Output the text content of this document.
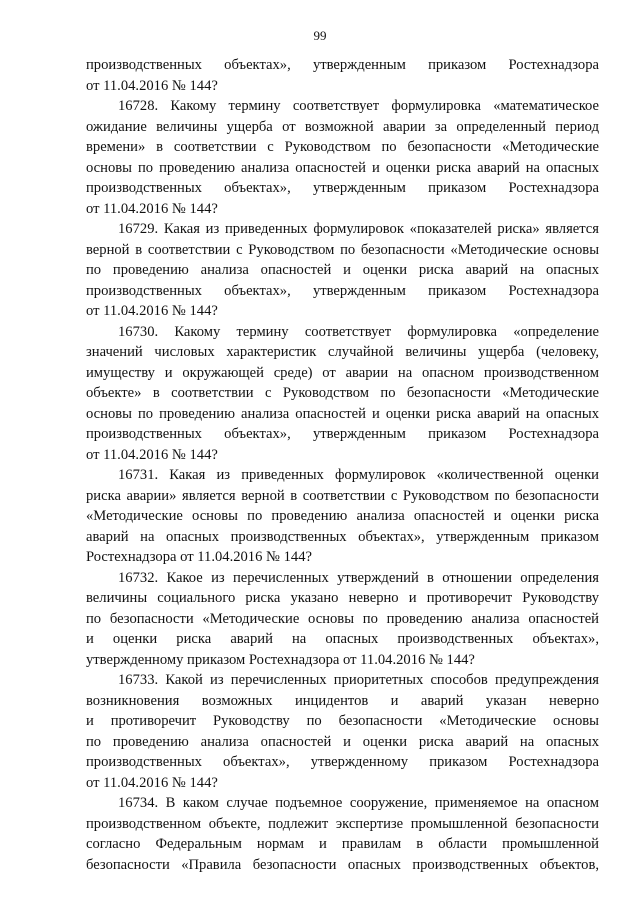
99
производственных объектах», утвержденным приказом Ростехнадзора
от 11.04.2016 № 144?
16728. Какому термину соответствует формулировка «математическое
ожидание величины ущерба от возможной аварии за определенный период
времени» в соответствии с Руководством по безопасности «Методические
основы по проведению анализа опасностей и оценки риска аварий на опасных
производственных объектах», утвержденным приказом Ростехнадзора
от 11.04.2016 № 144?
16729. Какая из приведенных формулировок «показателей риска» является
верной в соответствии с Руководством по безопасности «Методические основы
по проведению анализа опасностей и оценки риска аварий на опасных
производственных объектах», утвержденным приказом Ростехнадзора
от 11.04.2016 № 144?
16730. Какому термину соответствует формулировка «определение
значений числовых характеристик случайной величины ущерба (человеку,
имуществу и окружающей среде) от аварии на опасном производственном
объекте» в соответствии с Руководством по безопасности «Методические
основы по проведению анализа опасностей и оценки риска аварий на опасных
производственных объектах», утвержденным приказом Ростехнадзора
от 11.04.2016 № 144?
16731. Какая из приведенных формулировок «количественной оценки
риска аварии» является верной в соответствии с Руководством по безопасности
«Методические основы по проведению анализа опасностей и оценки риска
аварий на опасных производственных объектах», утвержденным приказом
Ростехнадзора от 11.04.2016 № 144?
16732. Какое из перечисленных утверждений в отношении определения
величины социального риска указано неверно и противоречит Руководству
по безопасности «Методические основы по проведению анализа опасностей
и оценки риска аварий на опасных производственных объектах»,
утвержденному приказом Ростехнадзора от 11.04.2016 № 144?
16733. Какой из перечисленных приоритетных способов предупреждения
возникновения возможных инцидентов и аварий указан неверно
и противоречит Руководству по безопасности «Методические основы
по проведению анализа опасностей и оценки риска аварий на опасных
производственных объектах», утвержденному приказом Ростехнадзора
от 11.04.2016 № 144?
16734. В каком случае подъемное сооружение, применяемое на опасном
производственном объекте, подлежит экспертизе промышленной безопасности
согласно Федеральным нормам и правилам в области промышленной
безопасности «Правила безопасности опасных производственных объектов,
